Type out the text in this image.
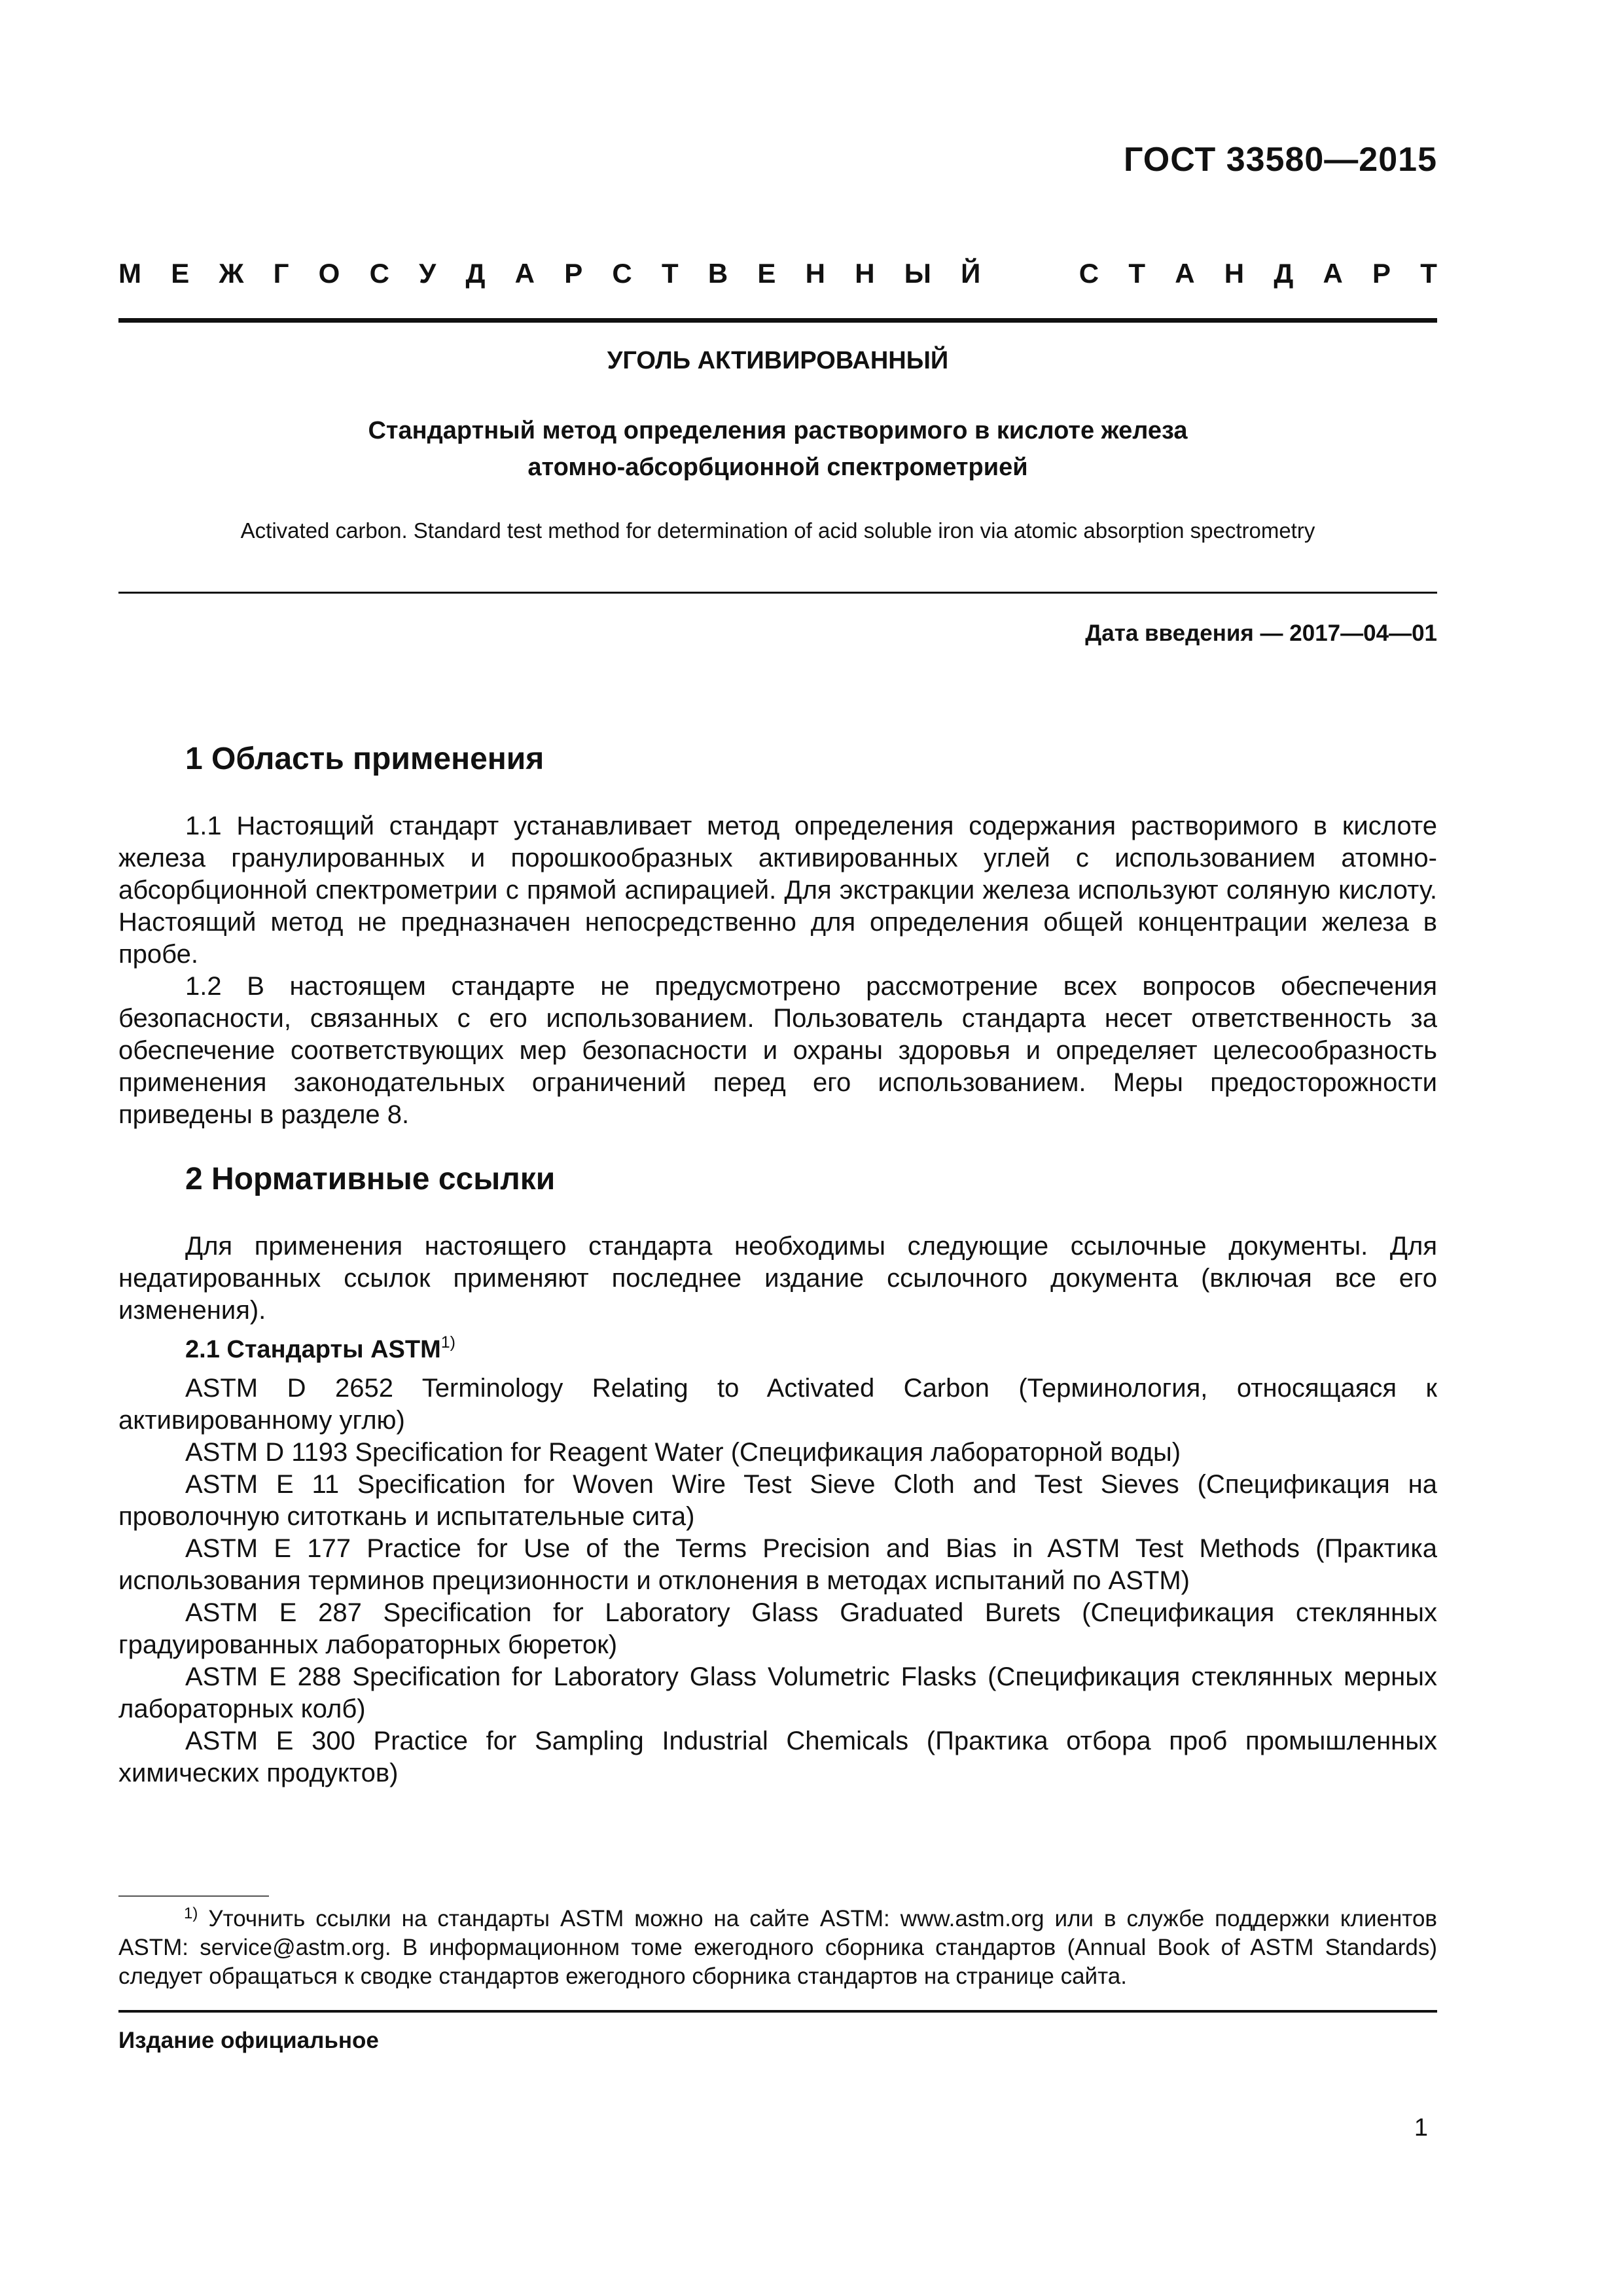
ГОСТ 33580—2015
М Е Ж Г О С У Д А Р С Т В Е Н Н Ы Й	С Т А Н Д А Р Т
УГОЛЬ АКТИВИРОВАННЫЙ
Стандартный метод определения растворимого в кислоте железа
атомно-абсорбционной спектрометрией
Activated carbon. Standard test method for determination of acid soluble iron via atomic absorption spectrometry
Дата введения — 2017—04—01
1 Область применения

1.1 Настоящий стандарт устанавливает метод определения содержания растворимого в кислоте железа гранулированных и порошкообразных активированных углей с использованием атомно-абсорбционной спектрометрии с прямой аспирацией. Для экстракции железа используют соляную кислоту. Настоящий метод не предназначен непосредственно для определения общей концентрации железа в пробе.

1.2 В настоящем стандарте не предусмотрено рассмотрение всех вопросов обеспечения безопасности, связанных с его использованием. Пользователь стандарта несет ответственность за обеспечение соответствующих мер безопасности и охраны здоровья и определяет целесообразность применения законодательных ограничений перед его использованием. Меры предосторожности приведены в разделе 8.

2 Нормативные ссылки

Для применения настоящего стандарта необходимы следующие ссылочные документы. Для недатированных ссылок применяют последнее издание ссылочного документа (включая все его изменения).

2.1 Стандарты ASTM$^{1)}$

ASTM D 2652 Terminology Relating to Activated Carbon (Терминология, относящаяся к активированному углю)

ASTM D 1193 Specification for Reagent Water (Спецификация лабораторной воды)

ASTM E 11 Specification for Woven Wire Test Sieve Cloth and Test Sieves (Спецификация на проволочную ситоткань и испытательные сита)

ASTM E 177 Practice for Use of the Terms Precision and Bias in ASTM Test Methods (Практика использования терминов прецизионности и отклонения в методах испытаний по ASTM)

ASTM E 287 Specification for Laboratory Glass Graduated Burets (Спецификация стеклянных градуированных лабораторных бюреток)

ASTM E 288 Specification for Laboratory Glass Volumetric Flasks (Спецификация стеклянных мерных лабораторных колб)

ASTM E 300 Practice for Sampling Industrial Chemicals (Практика отбора проб промышленных химических продуктов)

$^{1)}$ Уточнить ссылки на стандарты ASTM можно на сайте ASTM: www.astm.org или в службе поддержки клиентов ASTM: service@astm.org. В информационном томе ежегодного сборника стандартов (Annual Book of ASTM Standards) следует обращаться к сводке стандартов ежегодного сборника стандартов на странице сайта.
Издание официальное
1
